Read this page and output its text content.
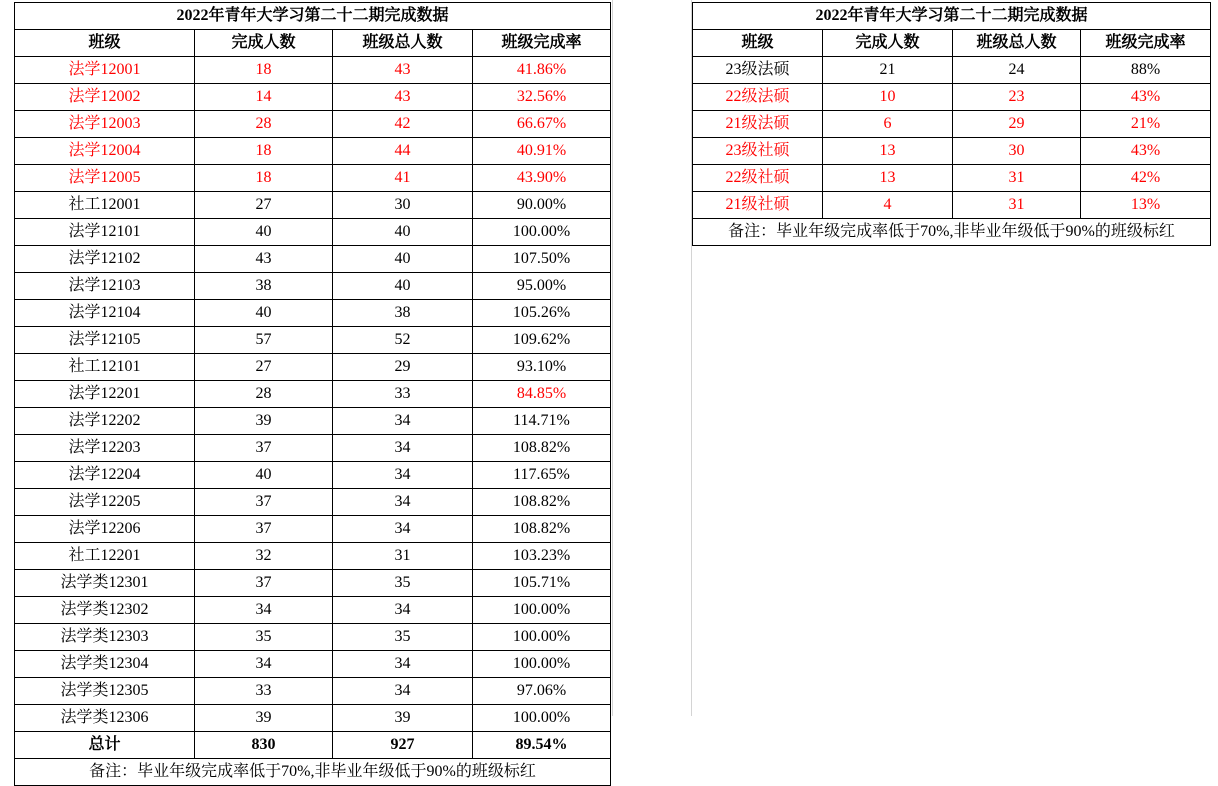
2022年青年大学习第二十二期完成数据			
班级	完成人数	班级总人数	班级完成率
法学12001	18	43	41.86%
法学12002	14	43	32.56%
法学12003	28	42	66.67%
法学12004	18	44	40.91%
法学12005	18	41	43.90%
社工12001	27	30	90.00%
法学12101	40	40	100.00%
法学12102	43	40	107.50%
法学12103	38	40	95.00%
法学12104	40	38	105.26%
法学12105	57	52	109.62%
社工12101	27	29	93.10%
法学12201	28	33	84.85%
法学12202	39	34	114.71%
法学12203	37	34	108.82%
法学12204	40	34	117.65%
法学12205	37	34	108.82%
法学12206	37	34	108.82%
社工12201	32	31	103.23%
法学类12301	37	35	105.71%
法学类12302	34	34	100.00%
法学类12303	35	35	100.00%
法学类12304	34	34	100.00%
法学类12305	33	34	97.06%
法学类12306	39	39	100.00%
总计	830	927	89.54%
备注：毕业年级完成率低于70%,非毕业年级低于90%的班级标红			
2022年青年大学习第二十二期完成数据			
班级	完成人数	班级总人数	班级完成率
23级法硕	21	24	88%
22级法硕	10	23	43%
21级法硕	6	29	21%
23级社硕	13	30	43%
22级社硕	13	31	42%
21级社硕	4	31	13%
备注：毕业年级完成率低于70%,非毕业年级低于90%的班级标红			
